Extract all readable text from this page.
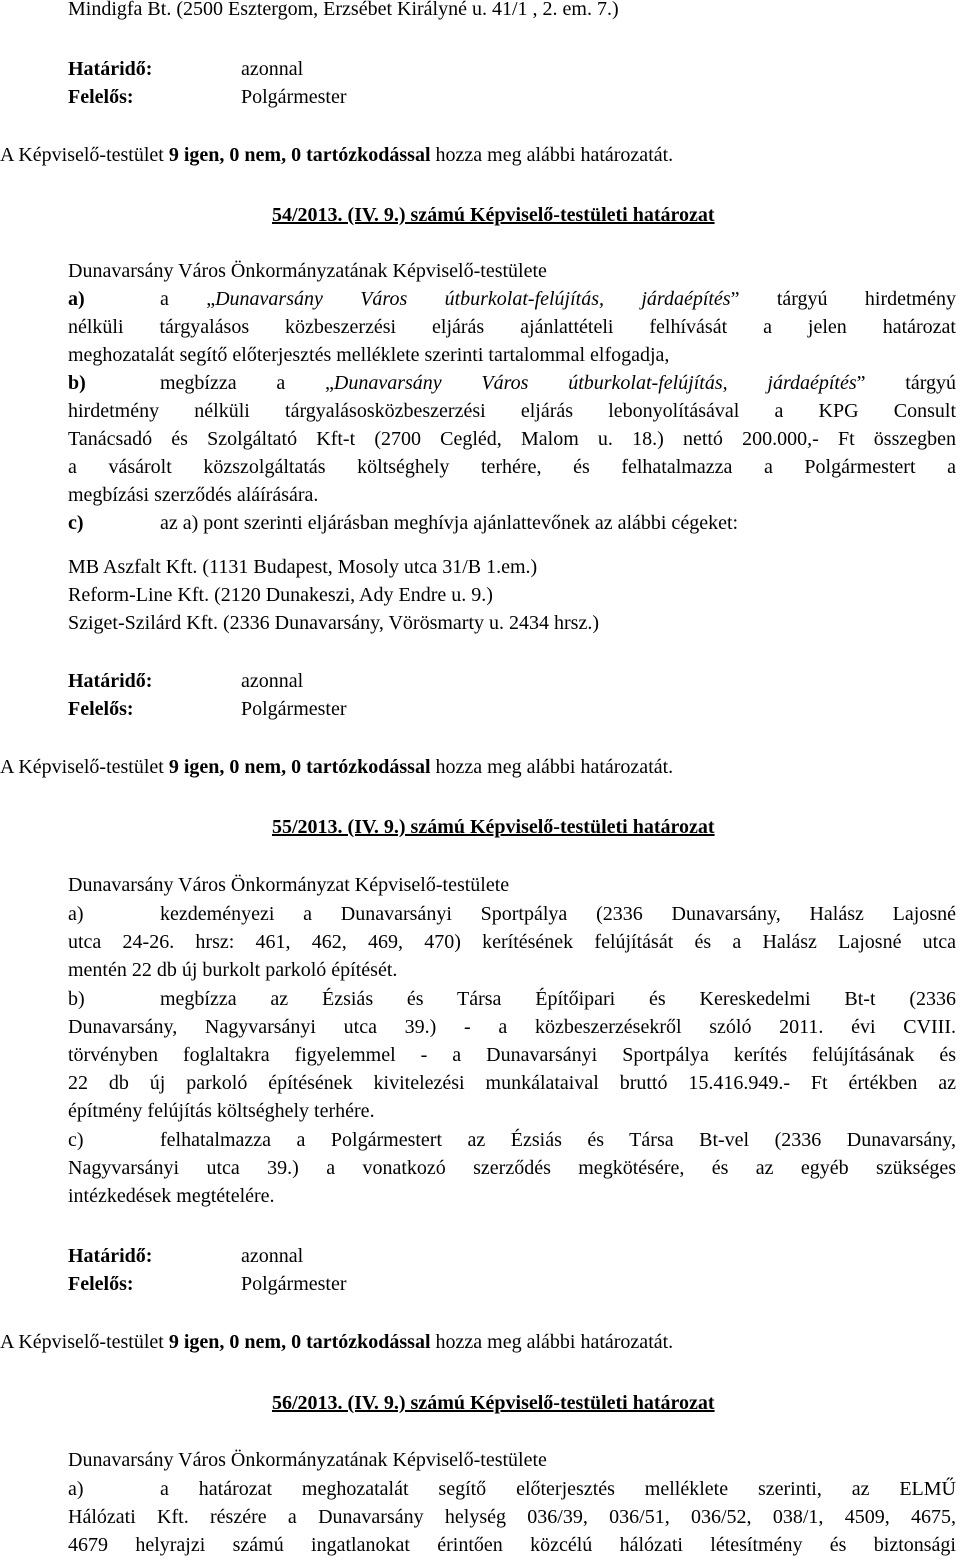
Mindigfa Bt. (2500 Esztergom, Erzsébet Királyné u. 41/1 , 2. em. 7.)
Határidő:	azonnal
Felelős:	Polgármester
A Képviselő-testület 9 igen, 0 nem, 0 tartózkodással hozza meg alábbi határozatát.
54/2013. (IV. 9.) számú Képviselő-testületi határozat
Dunavarsány Város Önkormányzatának Képviselő-testülete
a)	a „Dunavarsány Város útburkolat-felújítás, járdaépítés” tárgyú hirdetmény
nélküli tárgyalásos közbeszerzési eljárás ajánlattételi felhívását a jelen határozat
meghozatalát segítő előterjesztés melléklete szerinti tartalommal elfogadja,
b)	megbízza a „Dunavarsány Város útburkolat-felújítás, járdaépítés” tárgyú
hirdetmény nélküli tárgyalásosközbeszerzési eljárás lebonyolításával a KPG Consult
Tanácsadó és Szolgáltató Kft-t (2700 Cegléd, Malom u. 18.) nettó 200.000,- Ft összegben
a vásárolt közszolgáltatás költséghely terhére, és felhatalmazza a Polgármestert a
megbízási szerződés aláírására.
c)	az a) pont szerinti eljárásban meghívja ajánlattevőnek az alábbi cégeket:
MB Aszfalt Kft. (1131 Budapest, Mosoly utca 31/B 1.em.)
Reform-Line Kft. (2120 Dunakeszi, Ady Endre u. 9.)
Sziget-Szilárd Kft. (2336 Dunavarsány, Vörösmarty u. 2434 hrsz.)
Határidő:	azonnal
Felelős:	Polgármester
A Képviselő-testület 9 igen, 0 nem, 0 tartózkodással hozza meg alábbi határozatát.
55/2013. (IV. 9.) számú Képviselő-testületi határozat
Dunavarsány Város Önkormányzat Képviselő-testülete
a)	kezdeményezi a Dunavarsányi Sportpálya (2336 Dunavarsány, Halász Lajosné
utca 24-26. hrsz: 461, 462, 469, 470) kerítésének felújítását és a Halász Lajosné utca
mentén 22 db új burkolt parkoló építését.
b)	megbízza az Ézsiás és Társa Építőipari és Kereskedelmi Bt-t (2336
Dunavarsány, Nagyvarsányi utca 39.) - a közbeszerzésekről szóló 2011. évi CVIII.
törvényben foglaltakra figyelemmel - a Dunavarsányi Sportpálya kerítés felújításának és
22 db új parkoló építésének kivitelezési munkálataival bruttó 15.416.949.- Ft értékben az
építmény felújítás költséghely terhére.
c)	felhatalmazza a Polgármestert az Ézsiás és Társa Bt-vel (2336 Dunavarsány,
Nagyvarsányi utca 39.) a vonatkozó szerződés megkötésére, és az egyéb szükséges
intézkedések megtételére.
Határidő:	azonnal
Felelős:	Polgármester
A Képviselő-testület 9 igen, 0 nem, 0 tartózkodással hozza meg alábbi határozatát.
56/2013. (IV. 9.) számú Képviselő-testületi határozat
Dunavarsány Város Önkormányzatának Képviselő-testülete
a)	a határozat meghozatalát segítő előterjesztés melléklete szerinti, az ELMŰ
Hálózati Kft. részére a Dunavarsány helység 036/39, 036/51, 036/52, 038/1, 4509, 4675,
4679 helyrajzi számú ingatlanokat érintően közcélú hálózati létesítmény és biztonsági
